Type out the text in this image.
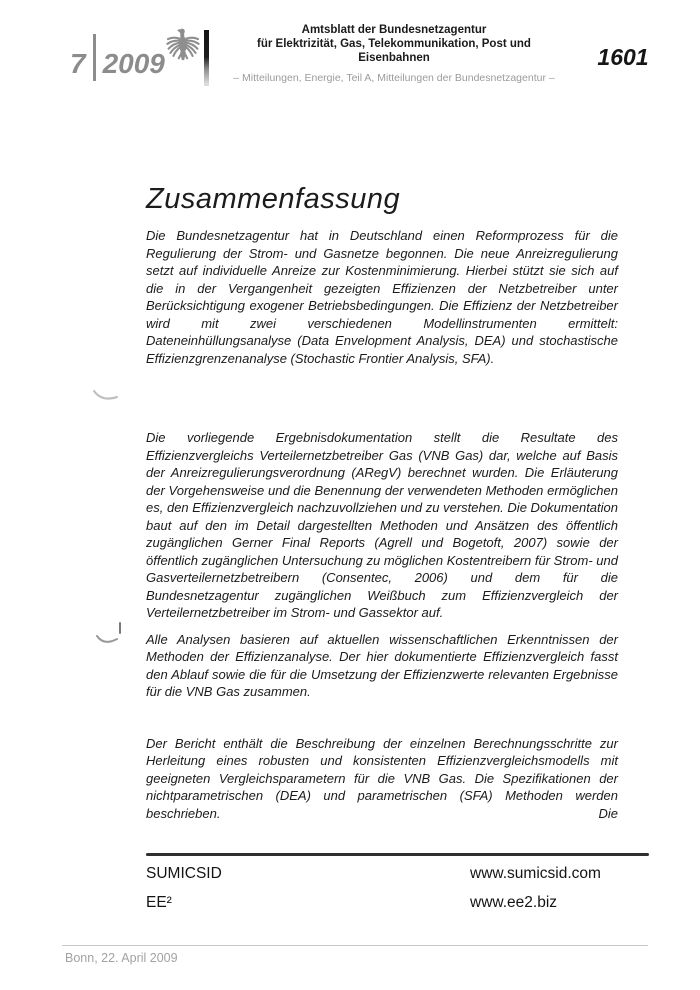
7 2009
Amtsblatt der Bundesnetzagentur
für Elektrizität, Gas, Telekommunikation, Post und Eisenbahnen
– Mitteilungen, Energie, Teil A, Mitteilungen der Bundesnetzagentur –
1601
Zusammenfassung

Die Bundesnetzagentur hat in Deutschland einen Reformprozess für die Regulierung der Strom- und Gasnetze begonnen. Die neue Anreizregulierung setzt auf individuelle Anreize zur Kostenminimierung. Hierbei stützt sie sich auf die in der Vergangenheit gezeigten Effizienzen der Netzbetreiber unter Berücksichtigung exogener Betriebsbedingungen. Die Effizienz der Netzbetreiber wird mit zwei verschiedenen Modellinstrumenten ermittelt: Dateneinhüllungsanalyse (Data Envelopment Analysis, DEA) und stochastische Effizienzgrenzenanalyse (Stochastic Frontier Analysis, SFA).

Die vorliegende Ergebnisdokumentation stellt die Resultate des Effizienzvergleichs Verteilernetzbetreiber Gas (VNB Gas) dar, welche auf Basis der Anreizregulierungsverordnung (ARegV) berechnet wurden. Die Erläuterung der Vorgehensweise und die Benennung der verwendeten Methoden ermöglichen es, den Effizienzvergleich nachzuvollziehen und zu verstehen. Die Dokumentation baut auf den im Detail dargestellten Methoden und Ansätzen des öffentlich zugänglichen Gerner Final Reports (Agrell und Bogetoft, 2007) sowie der öffentlich zugänglichen Untersuchung zu möglichen Kostentreibern für Strom- und Gasverteilernetzbetreibern (Consentec, 2006) und dem für die Bundesnetzagentur zugänglichen Weißbuch zum Effizienzvergleich der Verteilernetzbetreiber im Strom- und Gassektor auf.

Alle Analysen basieren auf aktuellen wissenschaftlichen Erkenntnissen der Methoden der Effizienzanalyse. Der hier dokumentierte Effizienzvergleich fasst den Ablauf sowie die für die Umsetzung der Effizienzwerte relevanten Ergebnisse für die VNB Gas zusammen.

Der Bericht enthält die Beschreibung der einzelnen Berechnungsschritte zur Herleitung eines robusten und konsistenten Effizienzvergleichsmodells mit geeigneten Vergleichsparametern für die VNB Gas. Die Spezifikationen der nichtparametrischen (DEA) und parametrischen (SFA) Methoden werden beschrieben. Die

SUMICSID	www.sumicsid.com
EE²	www.ee2.biz
Bonn, 22. April 2009
